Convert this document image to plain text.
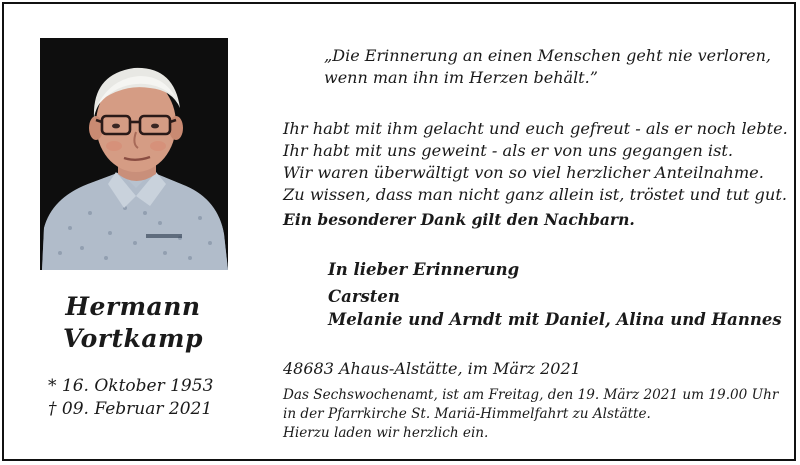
Hermann
Vortkamp
* 16. Oktober 1953
† 09. Februar 2021
„Die Erinnerung an einen Menschen geht nie verloren,
wenn man ihn im Herzen behält.”
Ihr habt mit ihm gelacht und euch gefreut - als er noch lebte.
Ihr habt mit uns geweint - als er von uns gegangen ist.
Wir waren überwältigt von so viel herzlicher Anteilnahme.
Zu wissen, dass man nicht ganz allein ist, tröstet und tut gut.
Ein besonderer Dank gilt den Nachbarn.
In lieber Erinnerung
Carsten
Melanie und Arndt mit Daniel, Alina und Hannes
48683 Ahaus-Alstätte, im März 2021
Das Sechswochenamt, ist am Freitag, den 19. März 2021 um 19.00 Uhr
in der Pfarrkirche St. Mariä-Himmelfahrt zu Alstätte.
Hierzu laden wir herzlich ein.
